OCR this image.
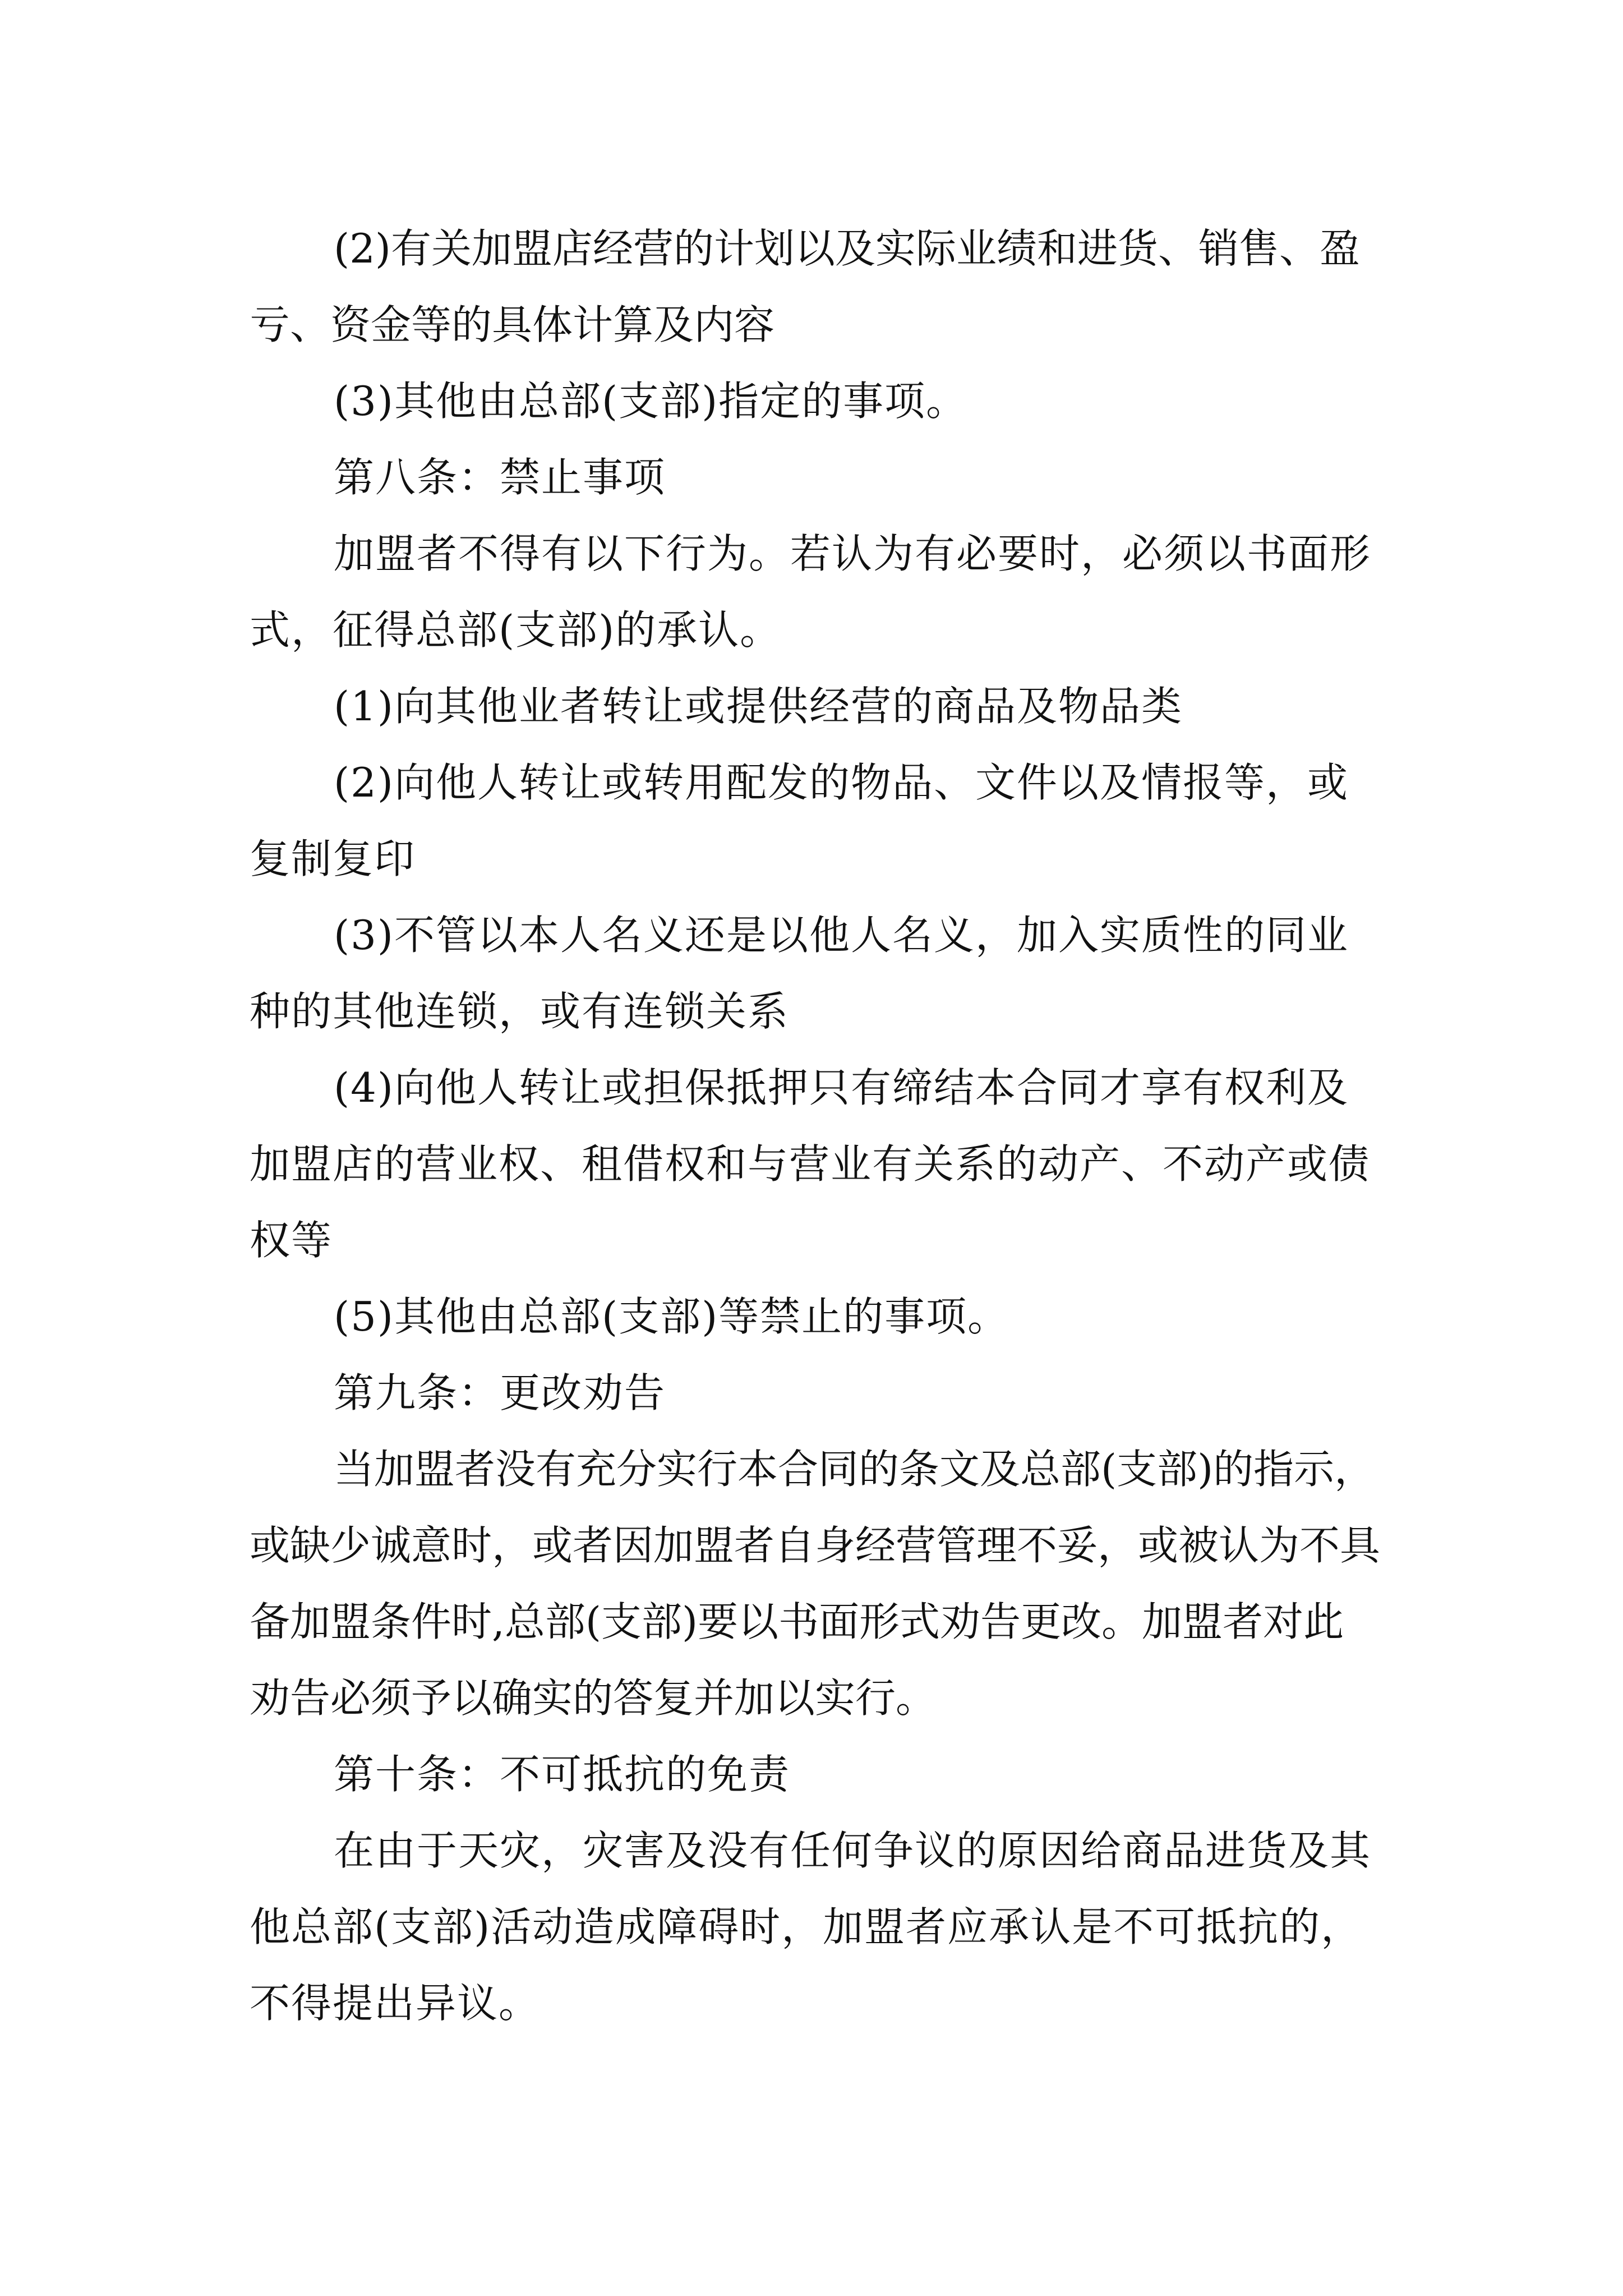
(2)有关加盟店经营的计划以及实际业绩和进货、销售、盈亏、资金等的具体计算及内容

(3)其他由总部(支部)指定的事项。

第八条：禁止事项

加盟者不得有以下行为。若认为有必要时，必须以书面形式，征得总部(支部)的承认。

(1)向其他业者转让或提供经营的商品及物品类

(2)向他人转让或转用配发的物品、文件以及情报等，或复制复印

(3)不管以本人名义还是以他人名义，加入实质性的同业种的其他连锁，或有连锁关系

(4)向他人转让或担保抵押只有缔结本合同才享有权利及加盟店的营业权、租借权和与营业有关系的动产、不动产或债权等

(5)其他由总部(支部)等禁止的事项。

第九条：更改劝告

当加盟者没有充分实行本合同的条文及总部(支部)的指示，或缺少诚意时，或者因加盟者自身经营管理不妥，或被认为不具备加盟条件时,总部(支部)要以书面形式劝告更改。加盟者对此劝告必须予以确实的答复并加以实行。

第十条：不可抵抗的免责

在由于天灾，灾害及没有任何争议的原因给商品进货及其他总部(支部)活动造成障碍时，加盟者应承认是不可抵抗的，不得提出异议。
